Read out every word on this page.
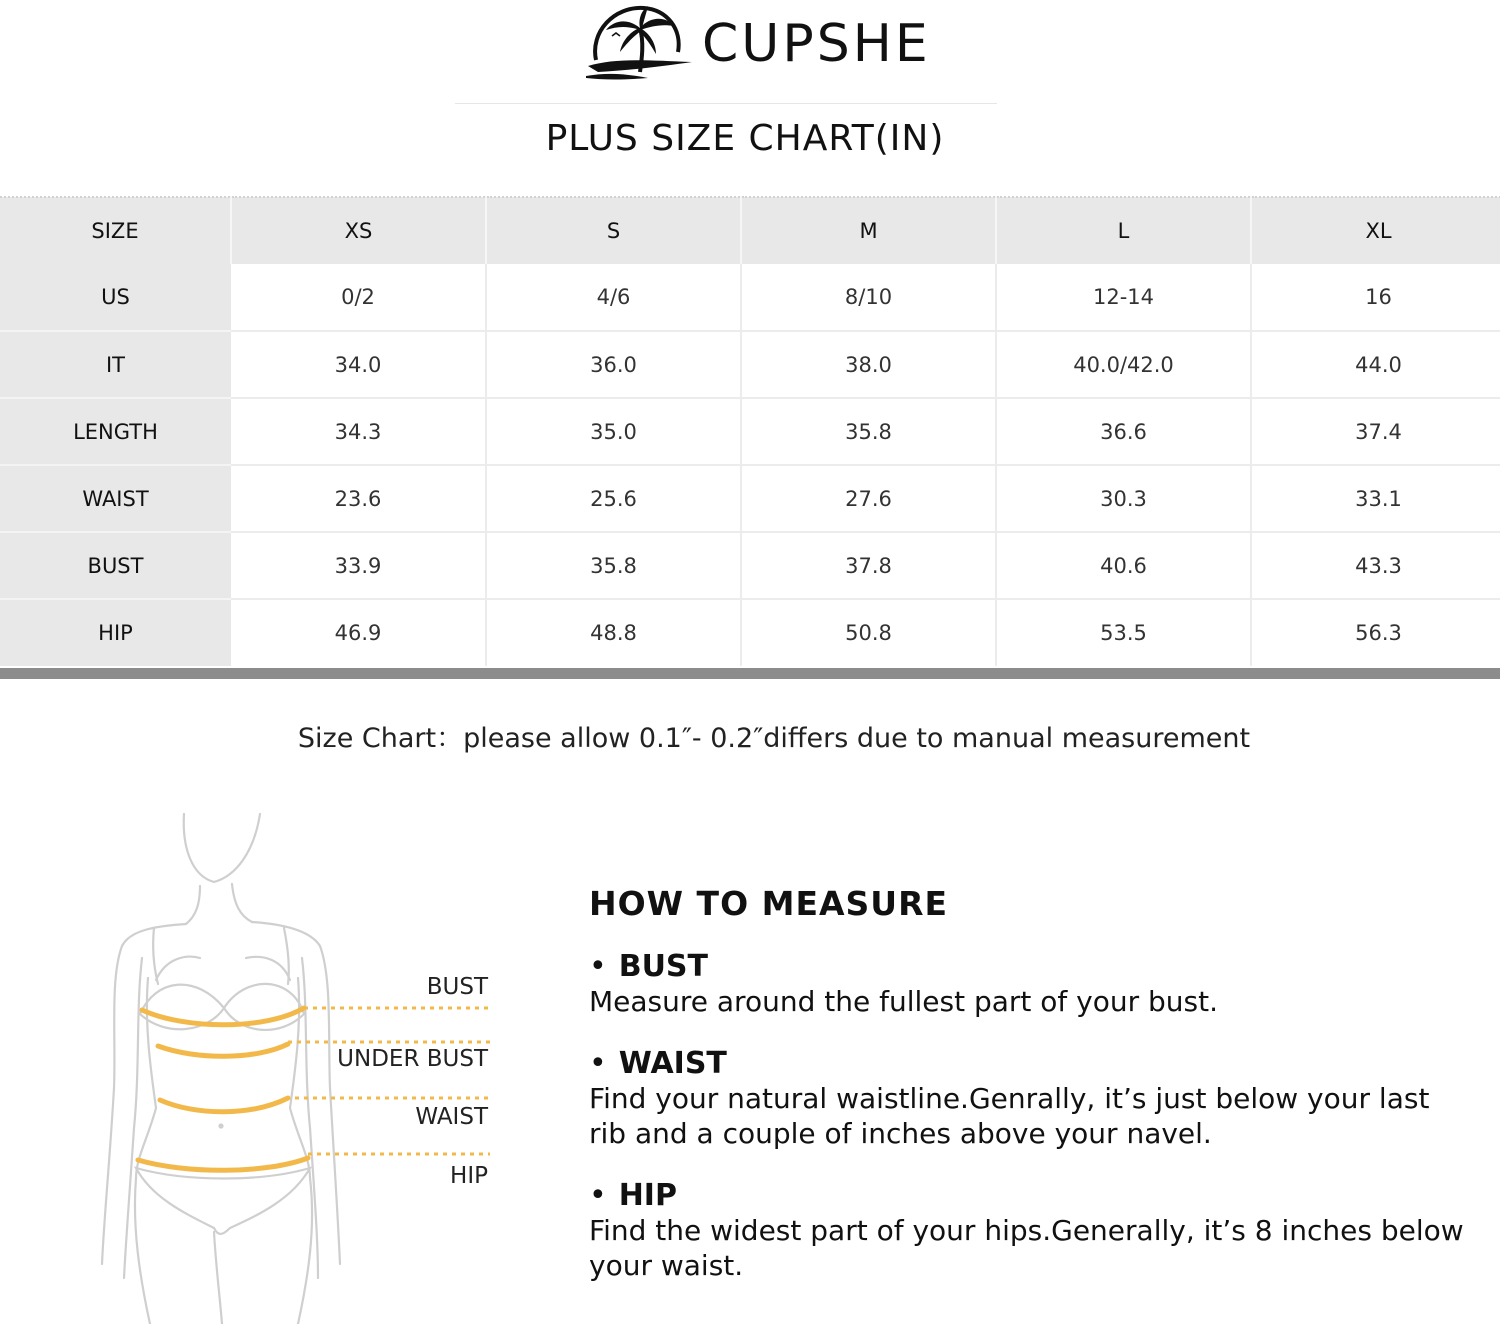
CUPSHE
PLUS SIZE CHART(IN)
SIZE	XS	S	M	L	XL
US	0/2	4/6	8/10	12-14	16
IT	34.0	36.0	38.0	40.0/42.0	44.0
LENGTH	34.3	35.0	35.8	36.6	37.4
WAIST	23.6	25.6	27.6	30.3	33.1
BUST	33.9	35.8	37.8	40.6	43.3
HIP	46.9	48.8	50.8	53.5	56.3
Size Chart：please allow 0.1″- 0.2″differs due to manual measurement
BUST
UNDER BUST
WAIST
HIP
HOW TO MEASURE
• BUST
Measure around the fullest part of your bust.
• WAIST
Find your natural waistline.Genrally, it’s just below your last rib and a couple of inches above your navel.
• HIP
Find the widest part of your hips.Generally, it’s 8 inches below your waist.
